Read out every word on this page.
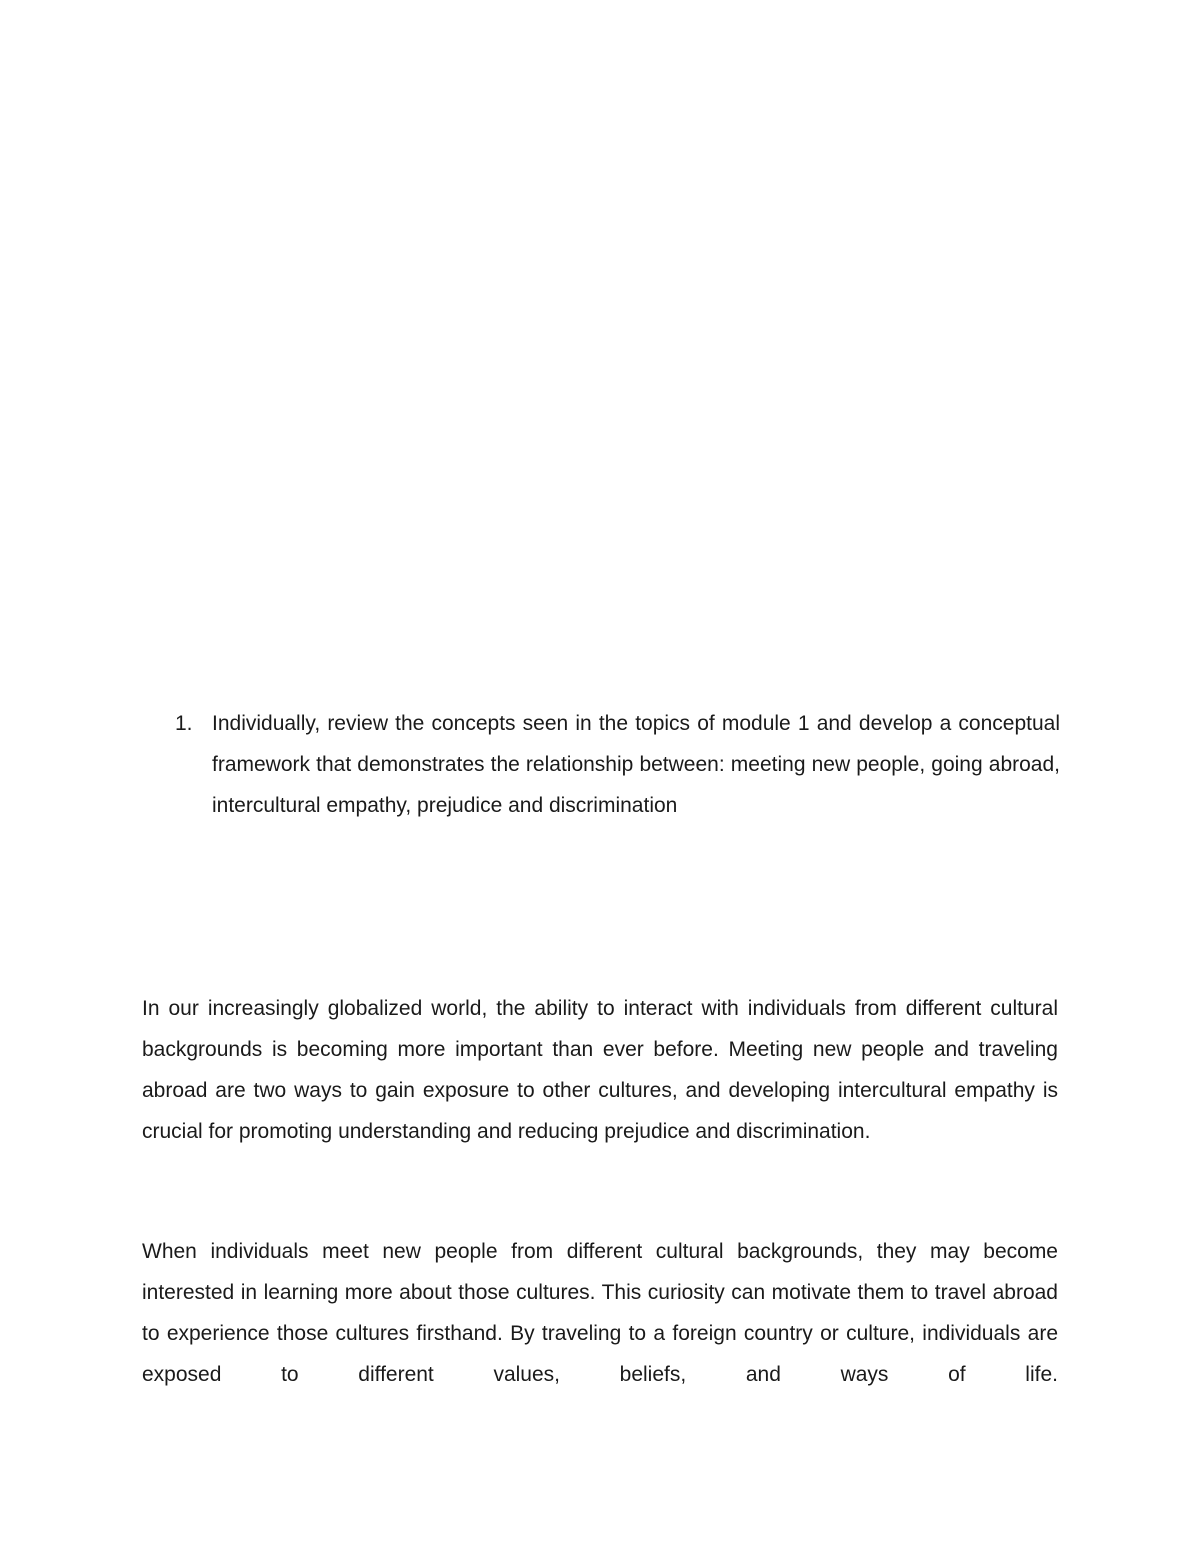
1. Individually, review the concepts seen in the topics of module 1 and develop a conceptual framework that demonstrates the relationship between: meeting new people, going abroad, intercultural empathy, prejudice and discrimination

In our increasingly globalized world, the ability to interact with individuals from different cultural backgrounds is becoming more important than ever before. Meeting new people and traveling abroad are two ways to gain exposure to other cultures, and developing intercultural empathy is crucial for promoting understanding and reducing prejudice and discrimination.

When individuals meet new people from different cultural backgrounds, they may become interested in learning more about those cultures. This curiosity can motivate them to travel abroad to experience those cultures firsthand. By traveling to a foreign country or culture, individuals are exposed to different values, beliefs, and ways of life.
